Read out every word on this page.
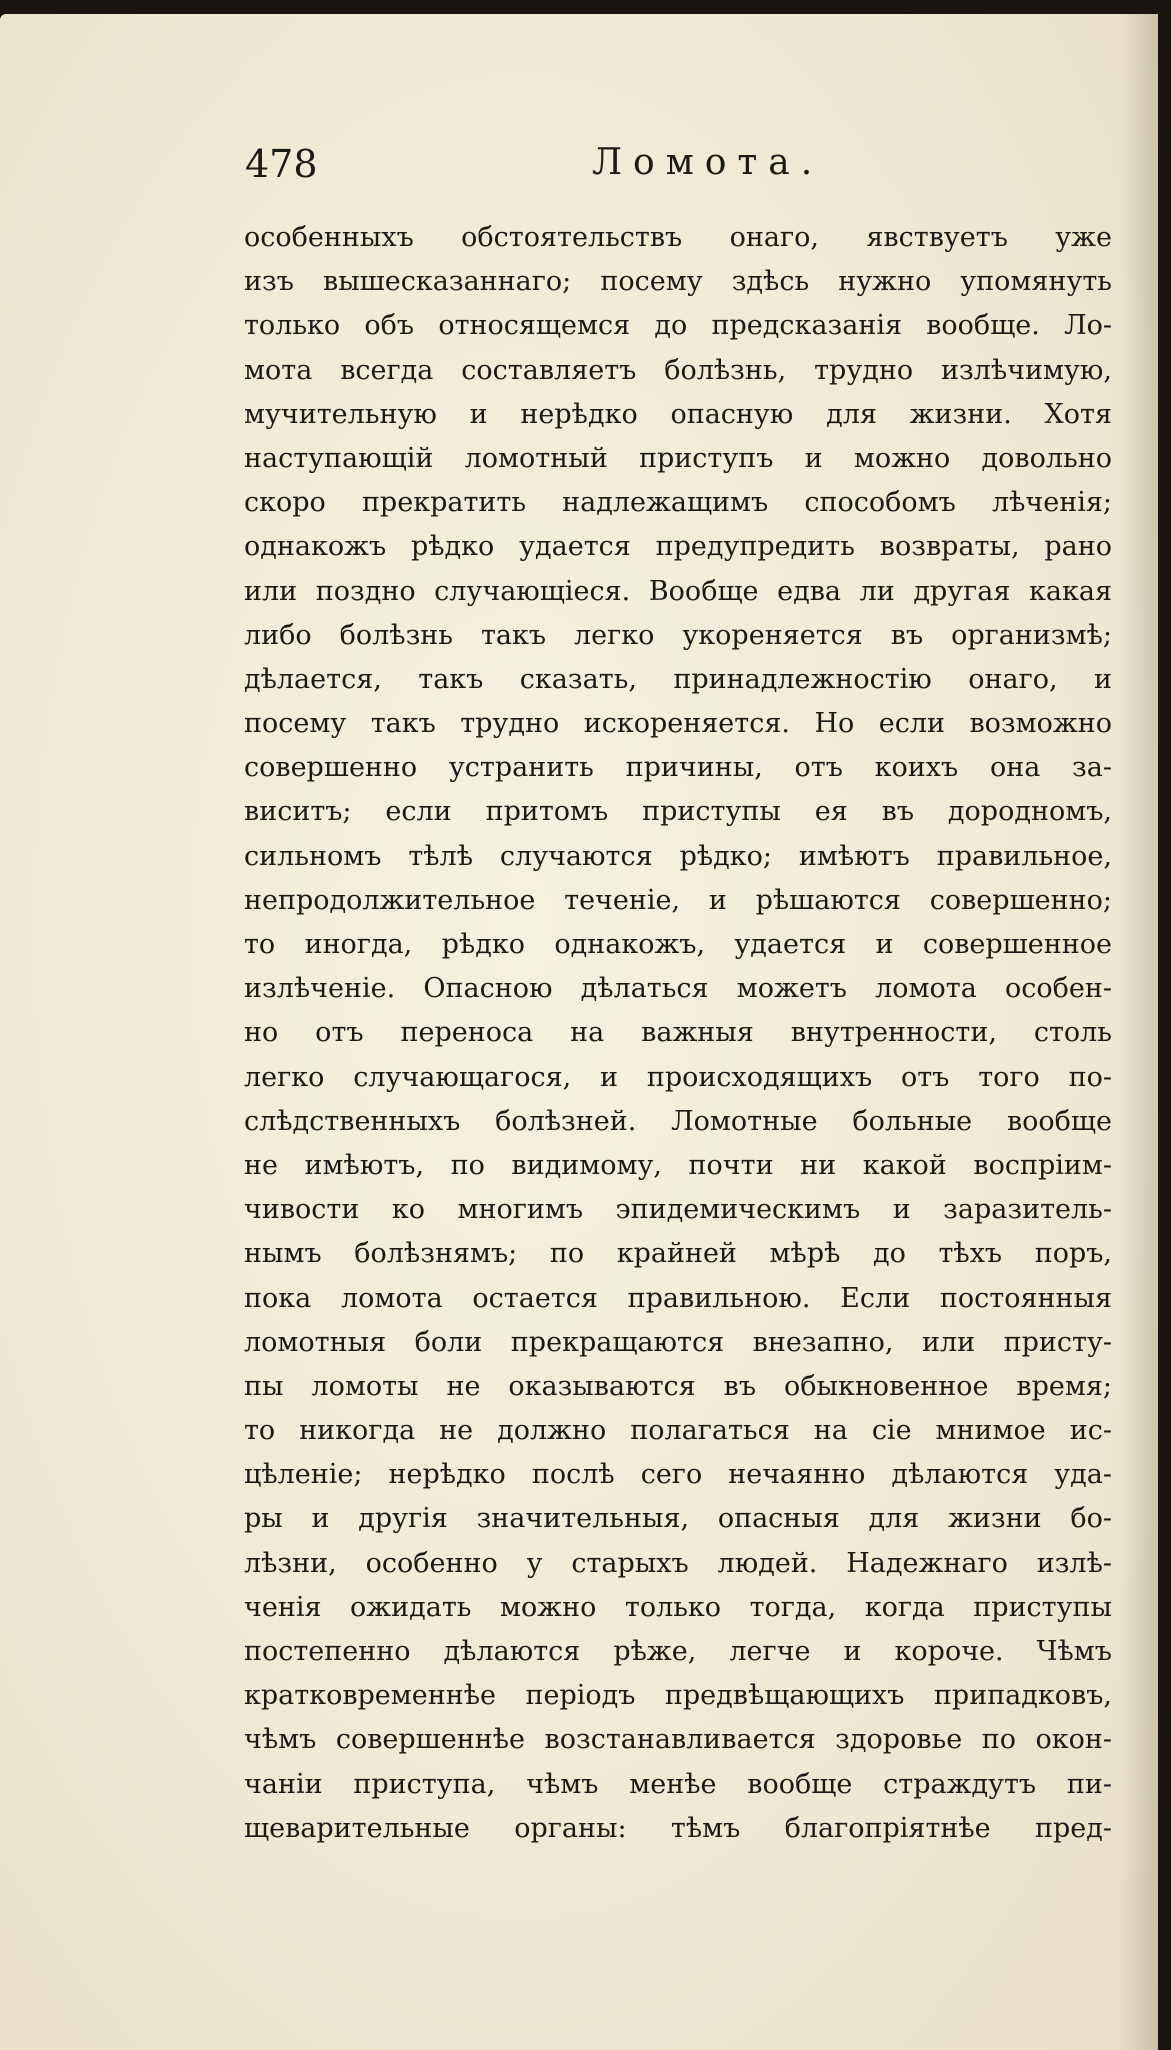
478	Ломота.
особенныхъ обстоятельствъ онаго, явствуетъ уже
изъ вышесказаннаго; посему здѣсь нужно упомянуть
только объ относящемся до предсказанія вообще. Ло-
мота всегда составляетъ болѣзнь, трудно излѣчимую,
мучительную и нерѣдко опасную для жизни. Хотя
наступающій ломотный приступъ и можно довольно
скоро прекратить надлежащимъ способомъ лѣченія;
однакожъ рѣдко удается предупредить возвраты, рано
или поздно случающіеся. Вообще едва ли другая какая
либо болѣзнь такъ легко укореняется въ организмѣ;
дѣлается, такъ сказать, принадлежностію онаго, и
посему такъ трудно искореняется. Но если возможно
совершенно устранить причины, отъ коихъ она за-
виситъ; если притомъ приступы ея въ дородномъ,
сильномъ тѣлѣ случаются рѣдко; имѣютъ правильное,
непродолжительное теченіе, и рѣшаются совершенно;
то иногда, рѣдко однакожъ, удается и совершенное
излѣченіе. Опасною дѣлаться можетъ ломота особен-
но отъ переноса на важныя внутренности, столь
легко случающагося, и происходящихъ отъ того по-
слѣдственныхъ болѣзней. Ломотные больные вообще
не имѣютъ, по видимому, почти ни какой воспріим-
чивости ко многимъ эпидемическимъ и заразитель-
нымъ болѣзнямъ; по крайней мѣрѣ до тѣхъ поръ,
пока ломота остается правильною. Если постоянныя
ломотныя боли прекращаются внезапно, или присту-
пы ломоты не оказываются въ обыкновенное время;
то никогда не должно полагаться на сіе мнимое ис-
цѣленіе; нерѣдко послѣ сего нечаянно дѣлаются уда-
ры и другія значительныя, опасныя для жизни бо-
лѣзни, особенно у старыхъ людей. Надежнаго излѣ-
ченія ожидать можно только тогда, когда приступы
постепенно дѣлаются рѣже, легче и короче. Чѣмъ
кратковременнѣе періодъ предвѣщающихъ припадковъ,
чѣмъ совершеннѣе возстанавливается здоровье по окон-
чаніи приступа, чѣмъ менѣе вообще страждутъ пи-
щеварительные органы: тѣмъ благопріятнѣе пред-
